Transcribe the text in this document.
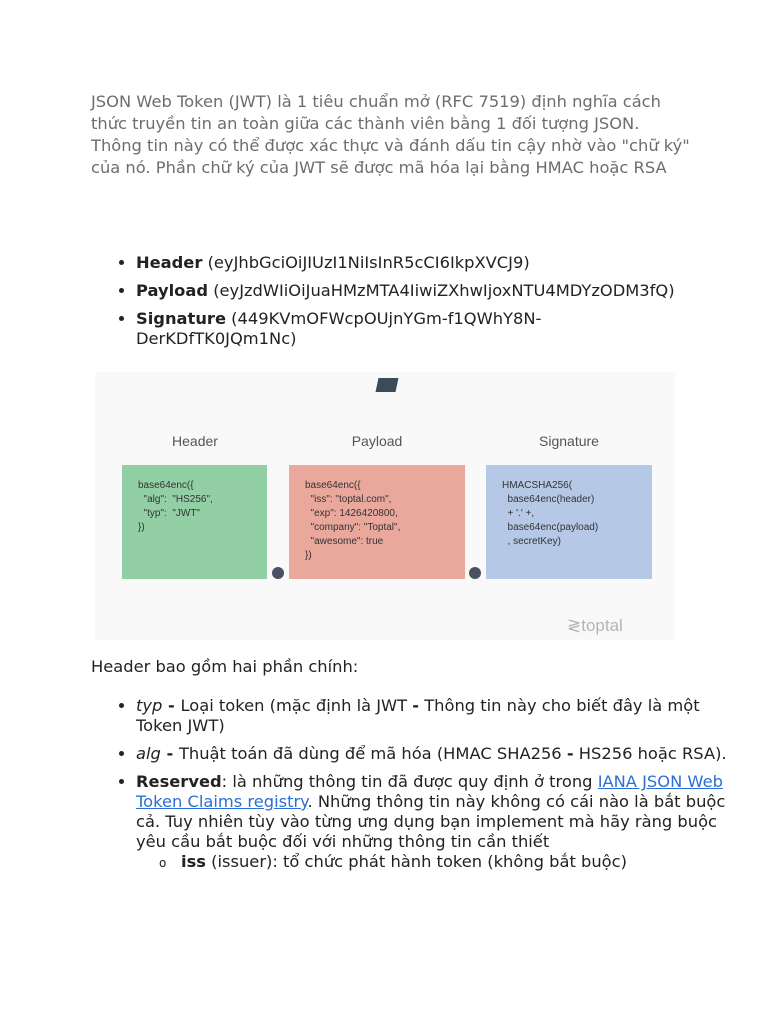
JSON Web Token (JWT) là 1 tiêu chuẩn mở (RFC 7519) định nghĩa cách thức truyền tin an toàn giữa các thành viên bằng 1 đối tượng JSON. Thông tin này có thể được xác thực và đánh dấu tin cậy nhờ vào "chữ ký" của nó. Phần chữ ký của JWT sẽ được mã hóa lại bằng HMAC hoặc RSA

• Header (eyJhbGciOiJIUzI1NiIsInR5cCI6IkpXVCJ9)
• Payload (eyJzdWIiOiJuaHMzMTA4IiwiZXhwIjoxNTU4MDYzODM3fQ)
• Signature (449KVmOFWcpOUjnYGm-f1QWhY8N-DerKDfTK0JQm1Nc)
Header	Payload	Signature
base64enc({
"alg":  "HS256",
"typ":  "JWT"
})
base64enc({
"iss": "toptal.com",
"exp": 1426420800,
"company": "Toptal",
"awesome": true
})
HMACSHA256(
base64enc(header)
+ '.' +,
base64enc(payload)
, secretKey)
≷toptal

Header bao gồm hai phần chính:

• typ - Loại token (mặc định là JWT - Thông tin này cho biết đây là một Token JWT)
• alg - Thuật toán đã dùng để mã hóa (HMAC SHA256 - HS256 hoặc RSA).
• Reserved: là những thông tin đã được quy định ở trong IANA JSON Web Token Claims registry. Những thông tin này không có cái nào là bắt buộc cả. Tuy nhiên tùy vào từng ưng dụng bạn implement mà hãy ràng buộc yêu cầu bắt buộc đối với những thông tin cần thiết
o iss (issuer): tổ chức phát hành token (không bắt buộc)
